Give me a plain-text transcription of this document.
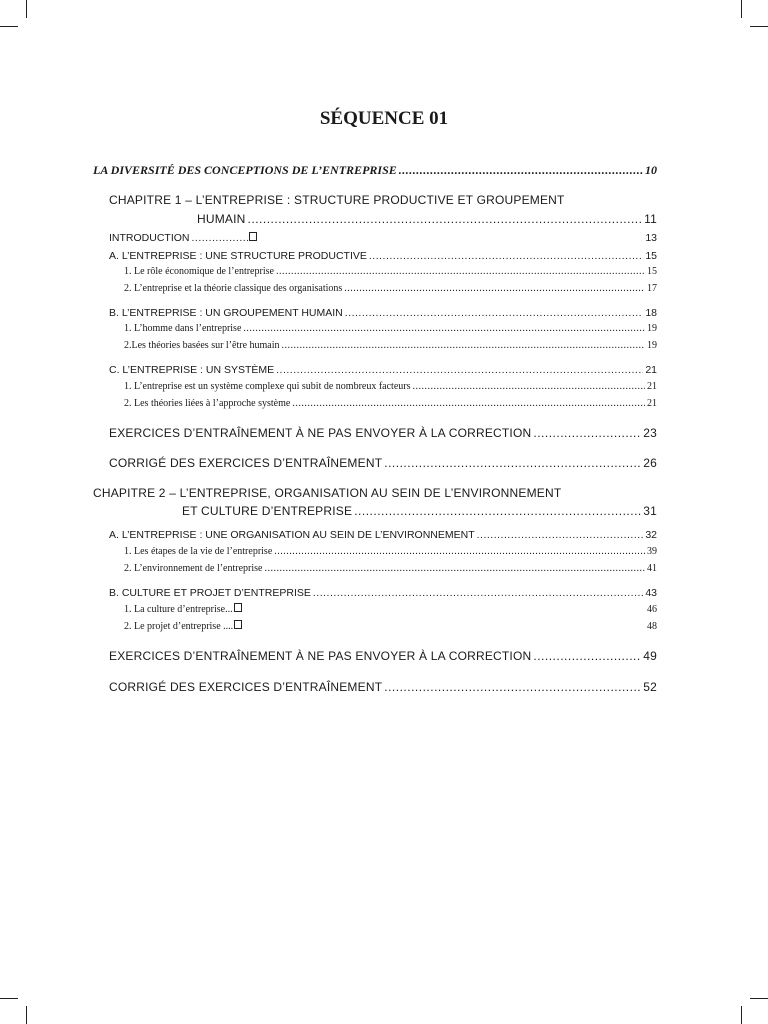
SÉQUENCE 01
LA DIVERSITÉ DES CONCEPTIONS DE L’ENTREPRISE .....	10
CHAPITRE 1 – L’ENTREPRISE : STRUCTURE PRODUCTIVE ET GROUPEMENT
HUMAIN .....	11
INTRODUCTION .....	13
A. L’ENTREPRISE : UNE STRUCTURE PRODUCTIVE .....	15
1. Le rôle économique de l’entreprise .....	15
2. L’entreprise et la théorie classique des organisations .....	17
B. L’ENTREPRISE : UN GROUPEMENT HUMAIN .....	18
1. L’homme dans l’entreprise .....	19
2.Les théories basées sur l’être humain .....	19
C. L’ENTREPRISE : UN SYSTÈME .....	21
1. L’entreprise est un système complexe qui subit de nombreux facteurs .....	21
2. Les théories liées à l’approche système .....	21
EXERCICES D’ENTRAÎNEMENT À NE PAS ENVOYER À LA CORRECTION .....	23
CORRIGÉ DES EXERCICES D’ENTRAÎNEMENT .....	26
CHAPITRE 2 – L’ENTREPRISE, ORGANISATION AU SEIN DE L’ENVIRONNEMENT
ET CULTURE D’ENTREPRISE .....	31
A. L’ENTREPRISE : UNE ORGANISATION AU SEIN DE L’ENVIRONNEMENT .....	32
1. Les étapes de la vie de l’entreprise .....	39
2. L’environnement de l’entreprise .....	41
B. CULTURE ET PROJET D’ENTREPRISE .....	43
1. La culture d’entreprise...	46
2. Le projet d’entreprise ....	48
EXERCICES D’ENTRAÎNEMENT À NE PAS ENVOYER À LA CORRECTION .....	49
CORRIGÉ DES EXERCICES D’ENTRAÎNEMENT .....	52
